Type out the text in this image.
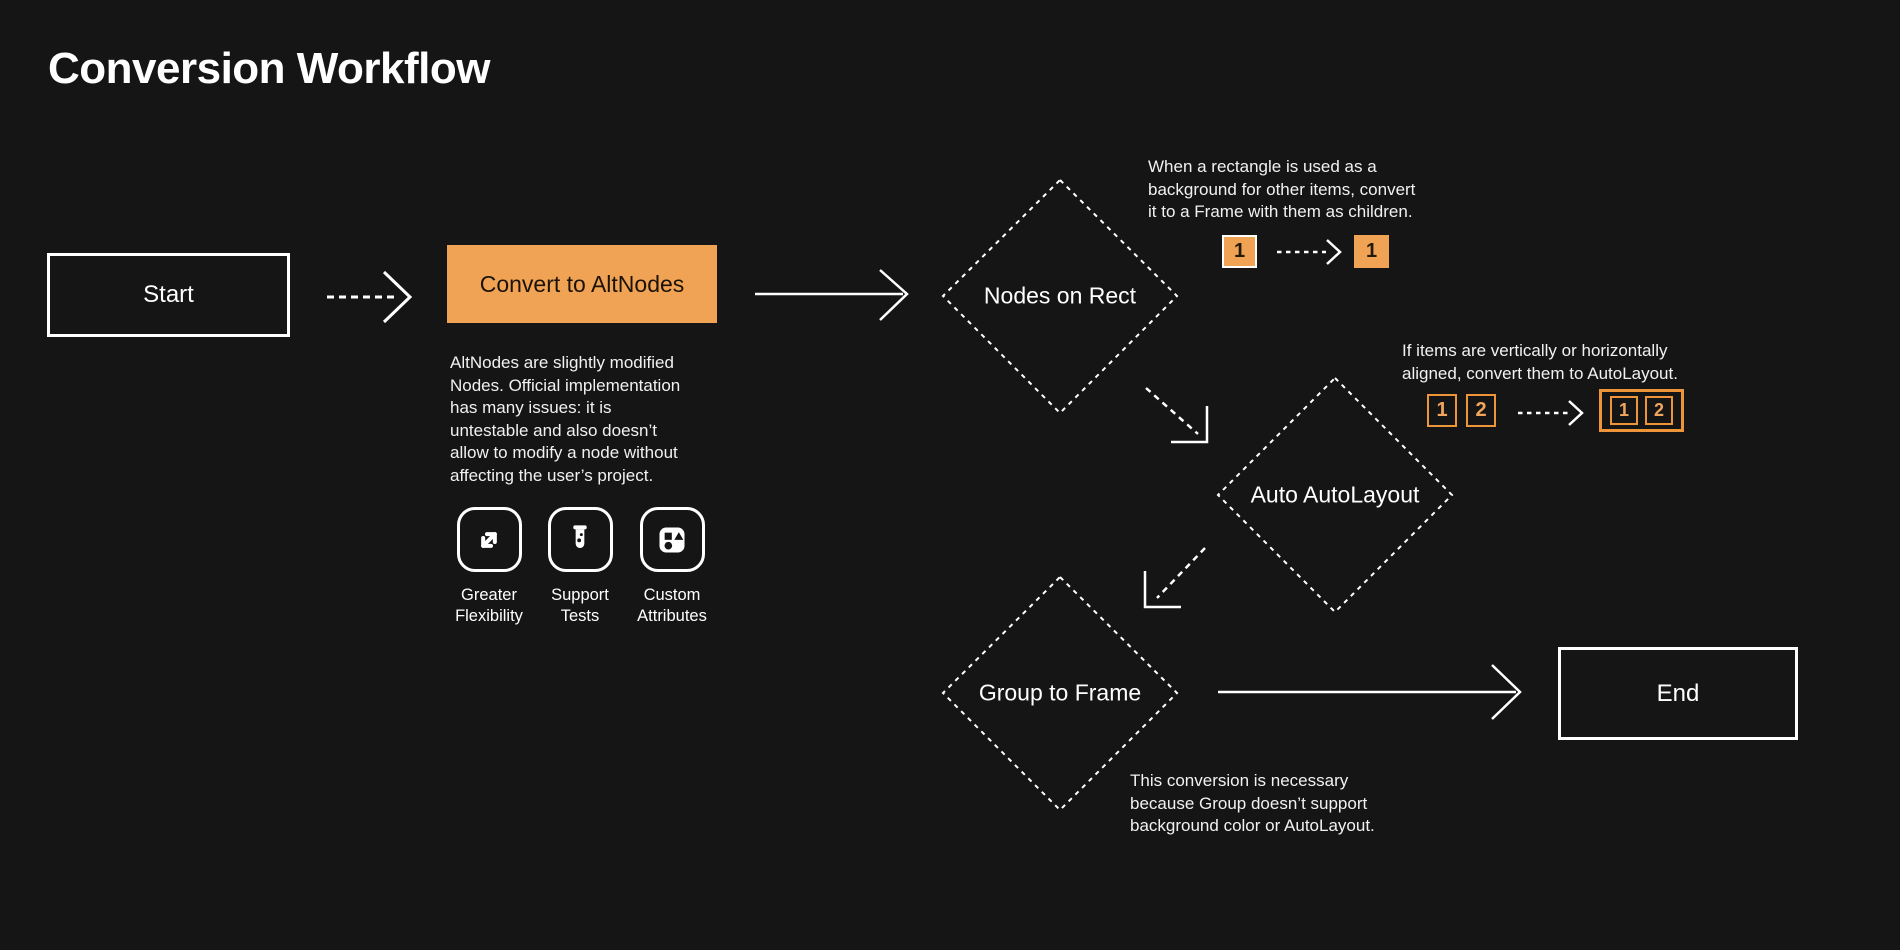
Conversion Workflow
Start	Convert to AltNodes
AltNodes are slightly modified
Nodes. Official implementation
has many issues: it is
untestable and also doesn’t
allow to modify a node without
affecting the user’s project.
Greater
Flexibility
Support
Tests
Custom
Attributes
Nodes on Rect
Auto AutoLayout
Group to Frame
When a rectangle is used as a
background for other items, convert
it to a Frame with them as children.
1	1
If items are vertically or horizontally
aligned, convert them to AutoLayout.
1 2	1 2
This conversion is necessary
because Group doesn’t support
background color or AutoLayout.
End
